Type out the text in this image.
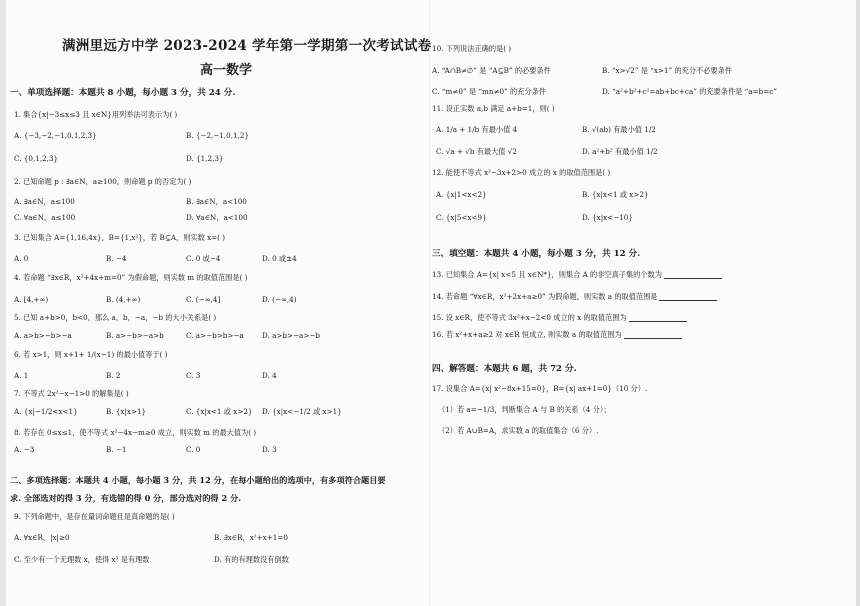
满洲里远方中学 2023-2024 学年第一学期第一次考试试卷
高一数学
一、单项选择题：本题共 8 小题，每小题 3 分，共 24 分.
1. 集合{x|−3≤x≤3 且 x∈N}用列举法可表示为( )
A. {−3,−2,−1,0,1,2,3}	B. {−2,−1,0,1,2}
C. {0,1,2,3}	D. {1,2,3}
2. 已知命题 p : ∃a∈N，a≥100，则命题 p 的否定为( )
A. ∃a∈N，a≤100	B. ∃a∈N，a<100
C. ∀a∈N，a≤100	D. ∀a∈N，a<100
3. 已知集合 A={1,16,4x}，B={1,x²}，若 B⊆A，则实数 x=( )
A. 0	B. −4	C. 0 或−4	D. 0 或±4
4. 若命题 “∃x∈R，x²+4x+m=0” 为假命题，则实数 m 的取值范围是( )
A. [4,+∞)	B. (4,+∞)	C. (−∞,4]	D. (−∞,4)
5. 已知 a+b>0，b<0，那么 a，b，−a，−b 的大小关系是( )
A. a>b>−b>−a	B. a>−b>−a>b	C. a>−b>b>−a	D. a>b>−a>−b
6. 若 x>1，则 x+1+ 1/(x−1) 的最小值等于( )
A. 1	B. 2	C. 3	D. 4
7. 不等式 2x²−x−1>0 的解集是( )
A. {x|−1/2<x<1}	B. {x|x>1}	C. {x|x<1 或 x>2} D. {x|x<−1/2 或 x>1}
8. 若存在 0≤x≤1，使不等式 x²−4x−m≥0 成立，则实数 m 的最大值为( )
A. −3	B. −1	C. 0	D. 3
二、多项选择题：本题共 4 小题，每小题 3 分，共 12 分，在每小题给出的选项中，有多项符合题目要
求. 全部选对的得 3 分，有选错的得 0 分，部分选对的得 2 分.
9. 下列命题中，是存在量词命题且是真命题的是( )
A. ∀x∈R，|x|≥0	B. ∃x∈R，x²+x+1=0
C. 至少有一个无理数 x，使得 x³ 是有理数	D. 有的有理数没有倒数
10. 下列说法正确的是( )
A. “A∩B≠∅” 是 “A⊆B” 的必要条件	B. “x>√2” 是 “x>1” 的充分不必要条件
C. “m≠0” 是 “mn≠0” 的充分条件	D. “a²+b²+c²=ab+bc+ca” 的充要条件是 “a=b=c”
11. 设正实数 a,b 满足 a+b=1，则( )
A. 1/a + 1/b 有最小值 4	B. √(ab) 有最小值 1/2
C. √a + √b 有最大值 √2	D. a²+b² 有最小值 1/2
12. 能使不等式 x²−3x+2>0 成立的 x 的取值范围是( )
A. {x|1<x<2}	B. {x|x<1 或 x>2}
C. {x|5<x<9}	D. {x|x<−10}
三、填空题：本题共 4 小题，每小题 3 分，共 12 分.
13. 已知集合 A={x| x<5 且 x∈N*}，则集合 A 的非空真子集的个数为
14. 若命题 “∀x∈R，x²+2x+a≥0” 为假命题，则实数 a 的取值范围是
15. 设 x∈R，使不等式 3x²+x−2<0 成立的 x 的取值范围为
16. 若 x²+x+a≥2 对 x∈R 恒成立, 则实数 a 的取值范围为
四、解答题：本题共 6 题，共 72 分.
17. 设集合 A={x| x²−8x+15=0}，B={x| ax+1=0}（10 分）.
（1）若 a=−1/3，判断集合 A 与 B 的关系（4 分）；
（2）若 A∪B=A，求实数 a 的取值集合（6 分）.
